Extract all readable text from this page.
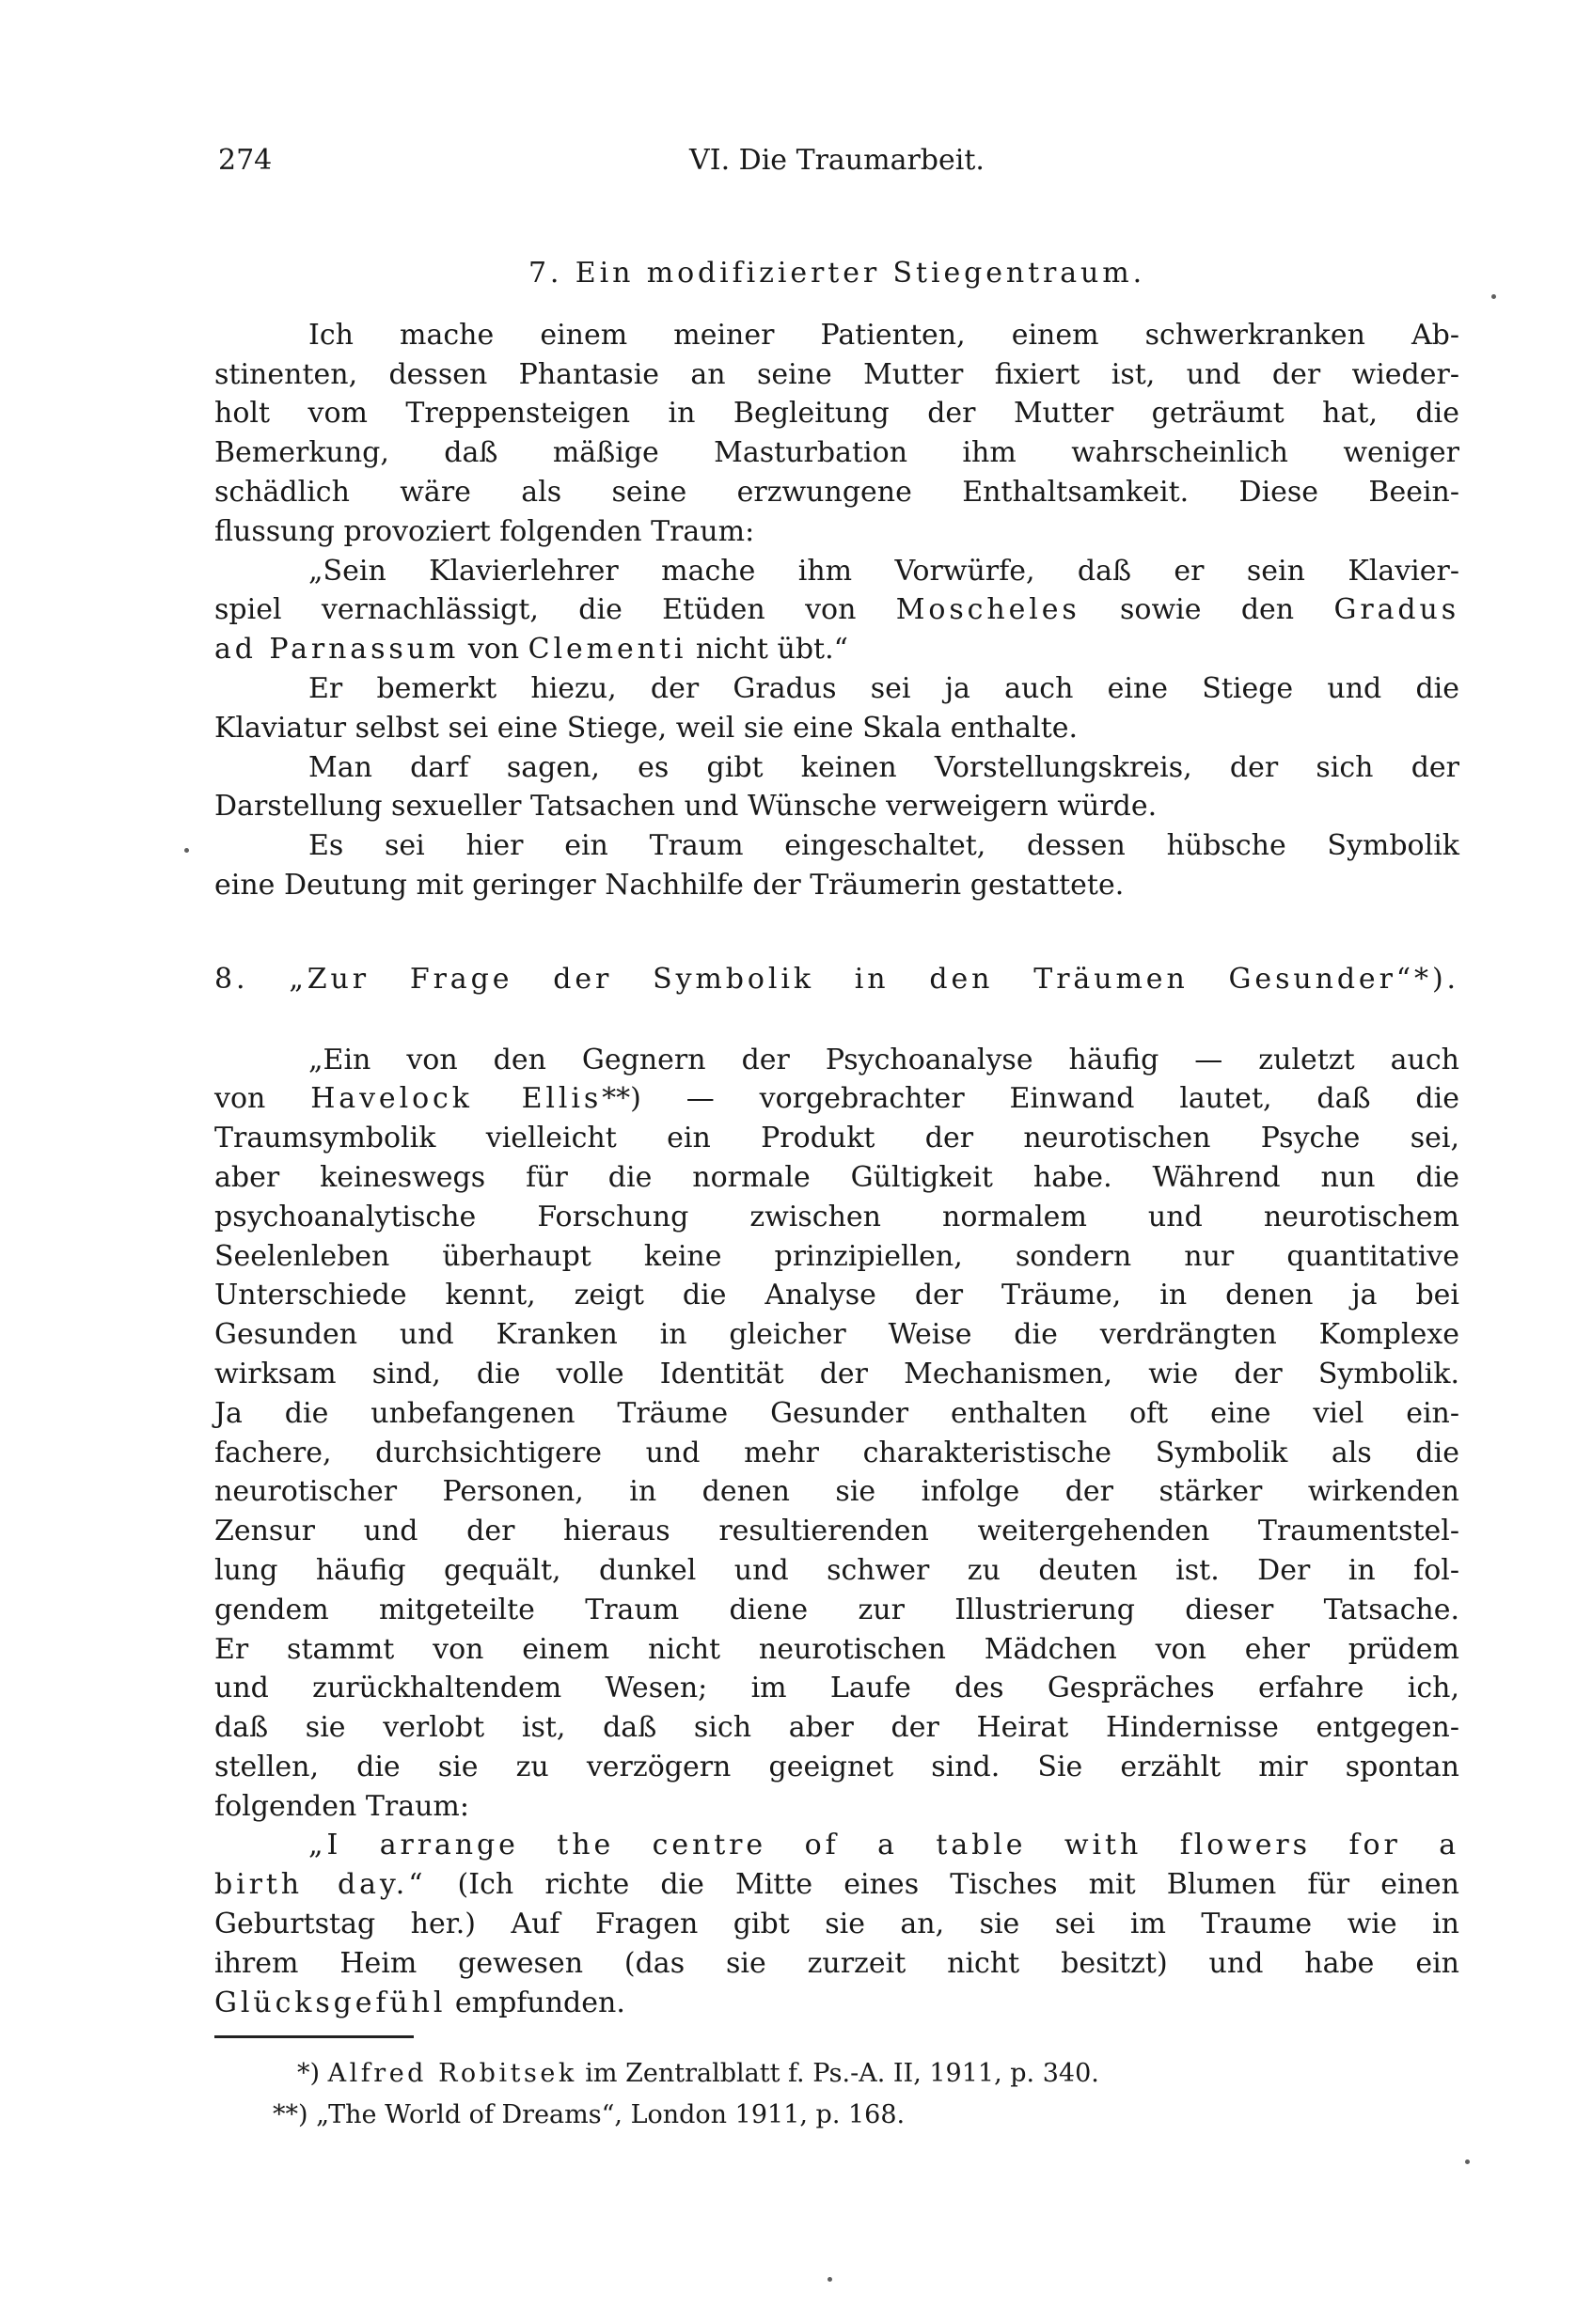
274	VI. Die Traumarbeit.
7. Ein modifizierter Stiegentraum.
Ich mache einem meiner Patienten, einem schwerkranken Ab-
stinenten, dessen Phantasie an seine Mutter fixiert ist, und der wieder-
holt vom Treppensteigen in Begleitung der Mutter geträumt hat, die
Bemerkung, daß mäßige Masturbation ihm wahrscheinlich weniger
schädlich wäre als seine erzwungene Enthaltsamkeit. Diese Beein-
flussung provoziert folgenden Traum:
„Sein Klavierlehrer mache ihm Vorwürfe, daß er sein Klavier-
spiel vernachlässigt, die Etüden von Moscheles sowie den Gradus
ad Parnassum von Clementi nicht übt.“
Er bemerkt hiezu, der Gradus sei ja auch eine Stiege und die
Klaviatur selbst sei eine Stiege, weil sie eine Skala enthalte.
Man darf sagen, es gibt keinen Vorstellungskreis, der sich der
Darstellung sexueller Tatsachen und Wünsche verweigern würde.
Es sei hier ein Traum eingeschaltet, dessen hübsche Symbolik
eine Deutung mit geringer Nachhilfe der Träumerin gestattete.
8. „Zur Frage der Symbolik in den Träumen Gesunder“*).
„Ein von den Gegnern der Psychoanalyse häufig — zuletzt auch
von Havelock Ellis**) — vorgebrachter Einwand lautet, daß die
Traumsymbolik vielleicht ein Produkt der neurotischen Psyche sei,
aber keineswegs für die normale Gültigkeit habe. Während nun die
psychoanalytische Forschung zwischen normalem und neurotischem
Seelenleben überhaupt keine prinzipiellen, sondern nur quantitative
Unterschiede kennt, zeigt die Analyse der Träume, in denen ja bei
Gesunden und Kranken in gleicher Weise die verdrängten Komplexe
wirksam sind, die volle Identität der Mechanismen, wie der Symbolik.
Ja die unbefangenen Träume Gesunder enthalten oft eine viel ein-
fachere, durchsichtigere und mehr charakteristische Symbolik als die
neurotischer Personen, in denen sie infolge der stärker wirkenden
Zensur und der hieraus resultierenden weitergehenden Traumentstel-
lung häufig gequält, dunkel und schwer zu deuten ist. Der in fol-
gendem mitgeteilte Traum diene zur Illustrierung dieser Tatsache.
Er stammt von einem nicht neurotischen Mädchen von eher prüdem
und zurückhaltendem Wesen; im Laufe des Gespräches erfahre ich,
daß sie verlobt ist, daß sich aber der Heirat Hindernisse entgegen-
stellen, die sie zu verzögern geeignet sind. Sie erzählt mir spontan
folgenden Traum:
„I arrange the centre of a table with flowers for a
birth day.“ (Ich richte die Mitte eines Tisches mit Blumen für einen
Geburtstag her.) Auf Fragen gibt sie an, sie sei im Traume wie in
ihrem Heim gewesen (das sie zurzeit nicht besitzt) und habe ein
Glücksgefühl empfunden.
*) Alfred Robitsek im Zentralblatt f. Ps.-A. II, 1911, p. 340.
**) „The World of Dreams“, London 1911, p. 168.
